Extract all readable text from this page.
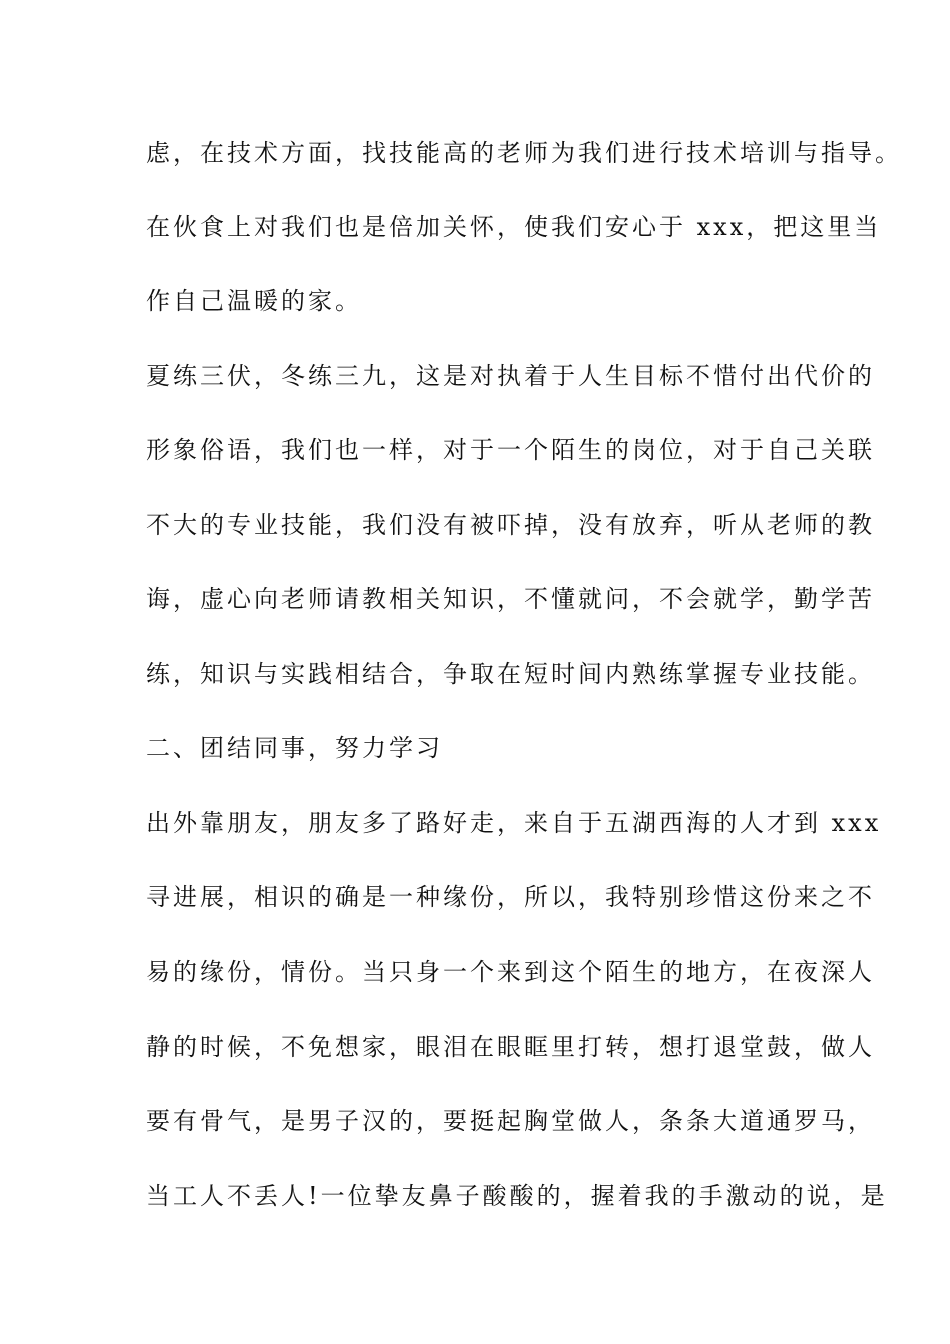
虑，在技术方面，找技能高的老师为我们进行技术培训与指导。
在伙食上对我们也是倍加关怀，使我们安心于 xxx，把这里当
作自己温暖的家。
夏练三伏，冬练三九，这是对执着于人生目标不惜付出代价的
形象俗语，我们也一样，对于一个陌生的岗位，对于自己关联
不大的专业技能，我们没有被吓掉，没有放弃，听从老师的教
诲，虚心向老师请教相关知识，不懂就问，不会就学，勤学苦
练，知识与实践相结合，争取在短时间内熟练掌握专业技能。
二、团结同事，努力学习
出外靠朋友，朋友多了路好走，来自于五湖西海的人才到 xxx
寻进展，相识的确是一种缘份，所以，我特别珍惜这份来之不
易的缘份，情份。当只身一个来到这个陌生的地方，在夜深人
静的时候，不免想家，眼泪在眼眶里打转，想打退堂鼓，做人
要有骨气，是男子汉的，要挺起胸堂做人，条条大道通罗马，
当工人不丢人!一位挚友鼻子酸酸的，握着我的手激动的说，是
